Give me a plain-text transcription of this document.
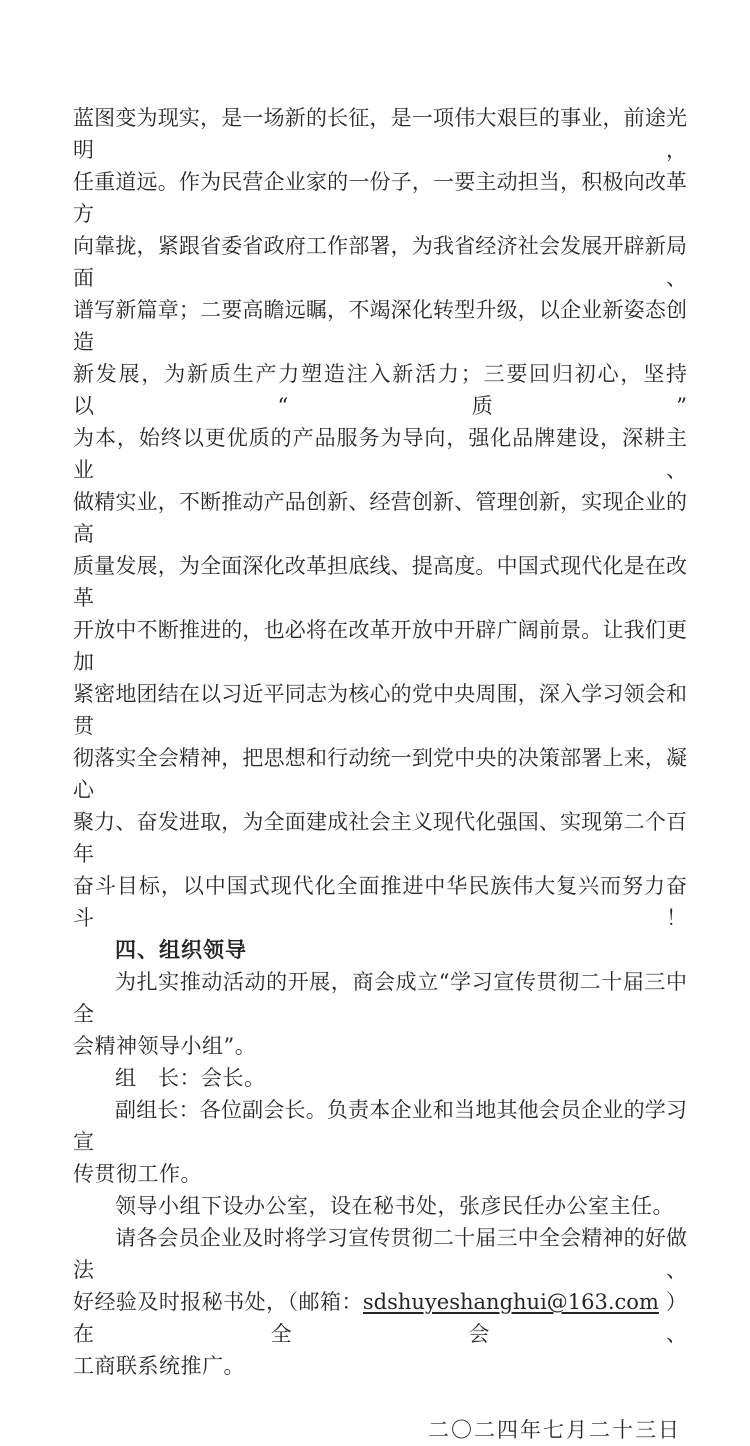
蓝图变为现实，是一场新的长征，是一项伟大艰巨的事业，前途光明，
任重道远。作为民营企业家的一份子，一要主动担当，积极向改革方
向靠拢，紧跟省委省政府工作部署，为我省经济社会发展开辟新局面、
谱写新篇章；二要高瞻远瞩，不竭深化转型升级，以企业新姿态创造
新发展，为新质生产力塑造注入新活力；三要回归初心，坚持以“质”
为本，始终以更优质的产品服务为导向，强化品牌建设，深耕主业、
做精实业，不断推动产品创新、经营创新、管理创新，实现企业的高
质量发展，为全面深化改革担底线、提高度。中国式现代化是在改革
开放中不断推进的，也必将在改革开放中开辟广阔前景。让我们更加
紧密地团结在以习近平同志为核心的党中央周围，深入学习领会和贯
彻落实全会精神，把思想和行动统一到党中央的决策部署上来，凝心
聚力、奋发进取，为全面建成社会主义现代化强国、实现第二个百年
奋斗目标，以中国式现代化全面推进中华民族伟大复兴而努力奋斗！
四、组织领导
为扎实推动活动的开展，商会成立“学习宣传贯彻二十届三中全
会精神领导小组”。
组　长：会长。
副组长：各位副会长。负责本企业和当地其他会员企业的学习宣
传贯彻工作。
领导小组下设办公室，设在秘书处，张彦民任办公室主任。
请各会员企业及时将学习宣传贯彻二十届三中全会精神的好做法、
好经验及时报秘书处，（邮箱：sdshuyeshanghui@163.com ）在全会、
工商联系统推广。
二〇二四年七月二十三日
